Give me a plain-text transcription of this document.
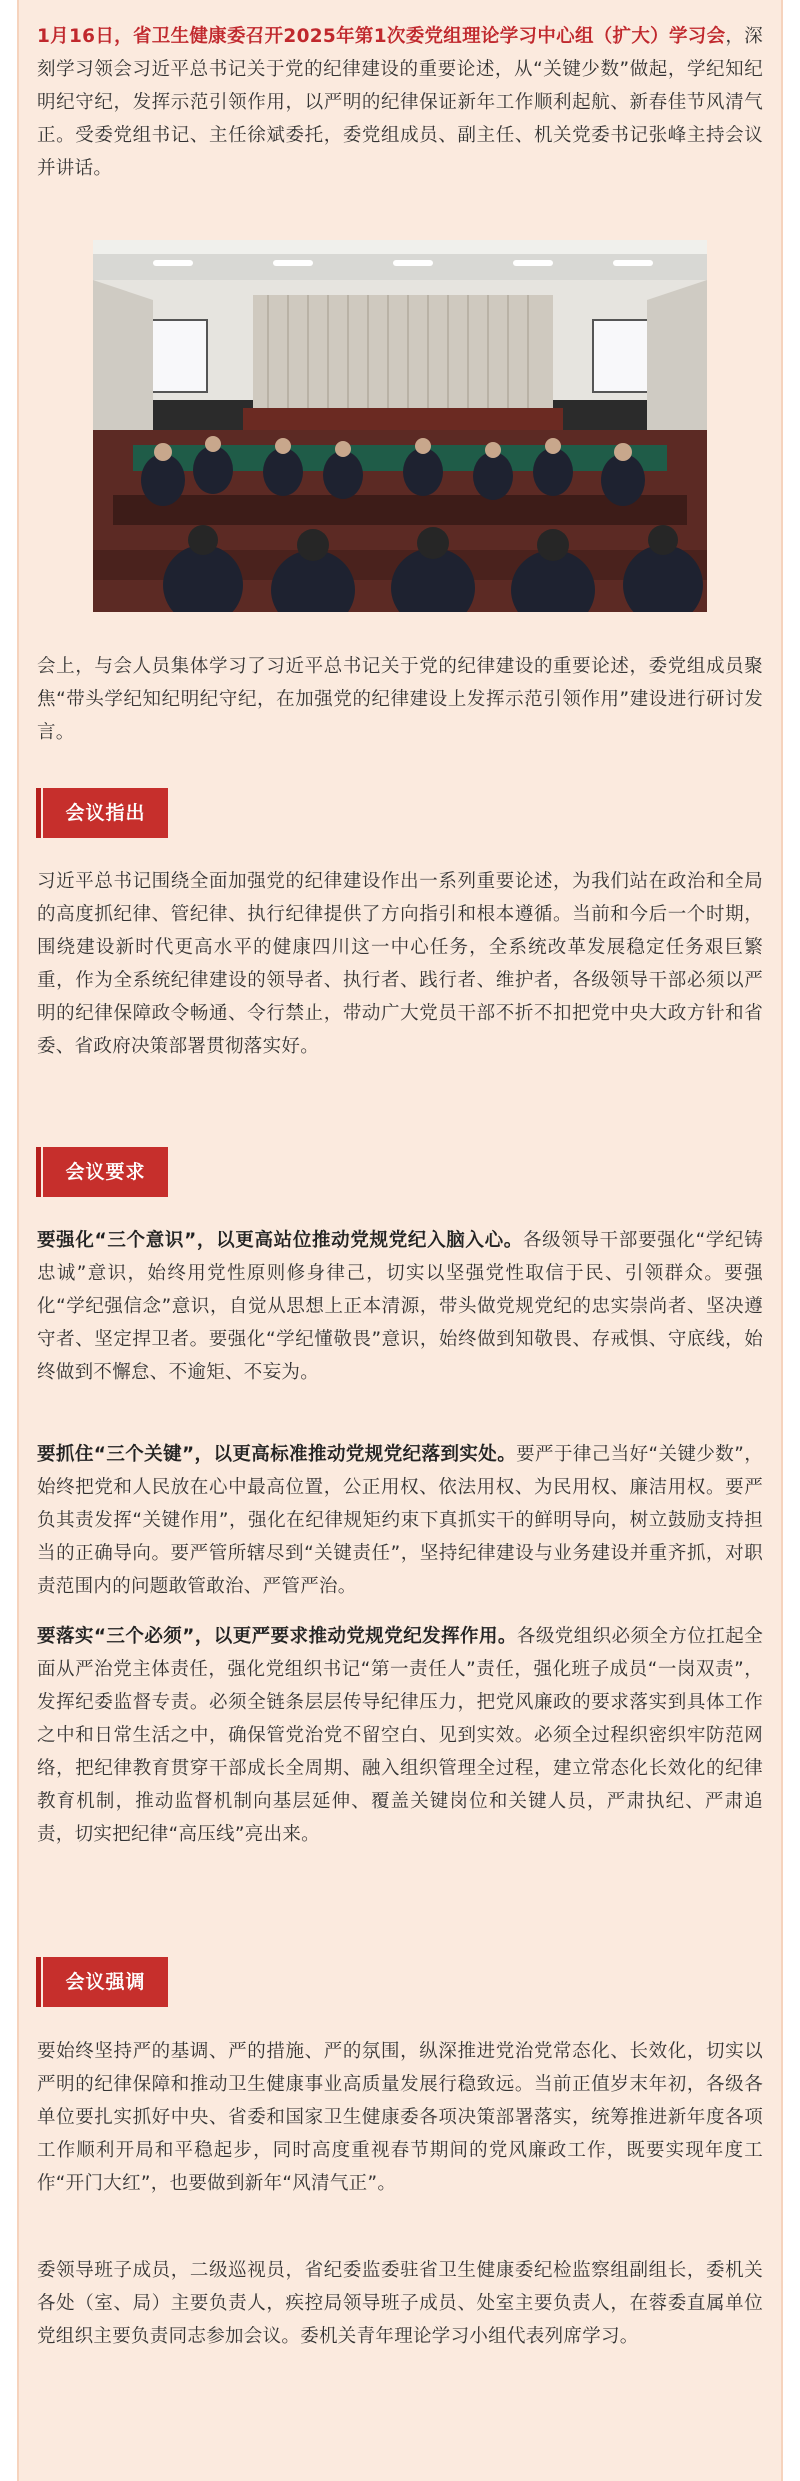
1月16日，省卫生健康委召开2025年第1次委党组理论学习中心组（扩大）学习会，深刻学习领会习近平总书记关于党的纪律建设的重要论述，从“关键少数”做起，学纪知纪明纪守纪，发挥示范引领作用，以严明的纪律保证新年工作顺利起航、新春佳节风清气正。受委党组书记、主任徐斌委托，委党组成员、副主任、机关党委书记张峰主持会议并讲话。
会上，与会人员集体学习了习近平总书记关于党的纪律建设的重要论述，委党组成员聚焦“带头学纪知纪明纪守纪，在加强党的纪律建设上发挥示范引领作用”建设进行研讨发言。
会议指出
习近平总书记围绕全面加强党的纪律建设作出一系列重要论述，为我们站在政治和全局的高度抓纪律、管纪律、执行纪律提供了方向指引和根本遵循。当前和今后一个时期，围绕建设新时代更高水平的健康四川这一中心任务，全系统改革发展稳定任务艰巨繁重，作为全系统纪律建设的领导者、执行者、践行者、维护者，各级领导干部必须以严明的纪律保障政令畅通、令行禁止，带动广大党员干部不折不扣把党中央大政方针和省委、省政府决策部署贯彻落实好。
会议要求
要强化“三个意识”，以更高站位推动党规党纪入脑入心。各级领导干部要强化“学纪铸忠诚”意识，始终用党性原则修身律己，切实以坚强党性取信于民、引领群众。要强化“学纪强信念”意识，自觉从思想上正本清源，带头做党规党纪的忠实崇尚者、坚决遵守者、坚定捍卫者。要强化“学纪懂敬畏”意识，始终做到知敬畏、存戒惧、守底线，始终做到不懈怠、不逾矩、不妄为。
要抓住“三个关键”，以更高标准推动党规党纪落到实处。要严于律己当好“关键少数”，始终把党和人民放在心中最高位置，公正用权、依法用权、为民用权、廉洁用权。要严负其责发挥“关键作用”，强化在纪律规矩约束下真抓实干的鲜明导向，树立鼓励支持担当的正确导向。要严管所辖尽到“关键责任”，坚持纪律建设与业务建设并重齐抓，对职责范围内的问题敢管敢治、严管严治。
要落实“三个必须”，以更严要求推动党规党纪发挥作用。各级党组织必须全方位扛起全面从严治党主体责任，强化党组织书记“第一责任人”责任，强化班子成员“一岗双责”，发挥纪委监督专责。必须全链条层层传导纪律压力，把党风廉政的要求落实到具体工作之中和日常生活之中，确保管党治党不留空白、见到实效。必须全过程织密织牢防范网络，把纪律教育贯穿干部成长全周期、融入组织管理全过程，建立常态化长效化的纪律教育机制，推动监督机制向基层延伸、覆盖关键岗位和关键人员，严肃执纪、严肃追责，切实把纪律“高压线”亮出来。
会议强调
要始终坚持严的基调、严的措施、严的氛围，纵深推进党治党常态化、长效化，切实以严明的纪律保障和推动卫生健康事业高质量发展行稳致远。当前正值岁末年初，各级各单位要扎实抓好中央、省委和国家卫生健康委各项决策部署落实，统筹推进新年度各项工作顺利开局和平稳起步，同时高度重视春节期间的党风廉政工作，既要实现年度工作“开门大红”，也要做到新年“风清气正”。
委领导班子成员，二级巡视员，省纪委监委驻省卫生健康委纪检监察组副组长，委机关各处（室、局）主要负责人，疾控局领导班子成员、处室主要负责人，在蓉委直属单位党组织主要负责同志参加会议。委机关青年理论学习小组代表列席学习。
